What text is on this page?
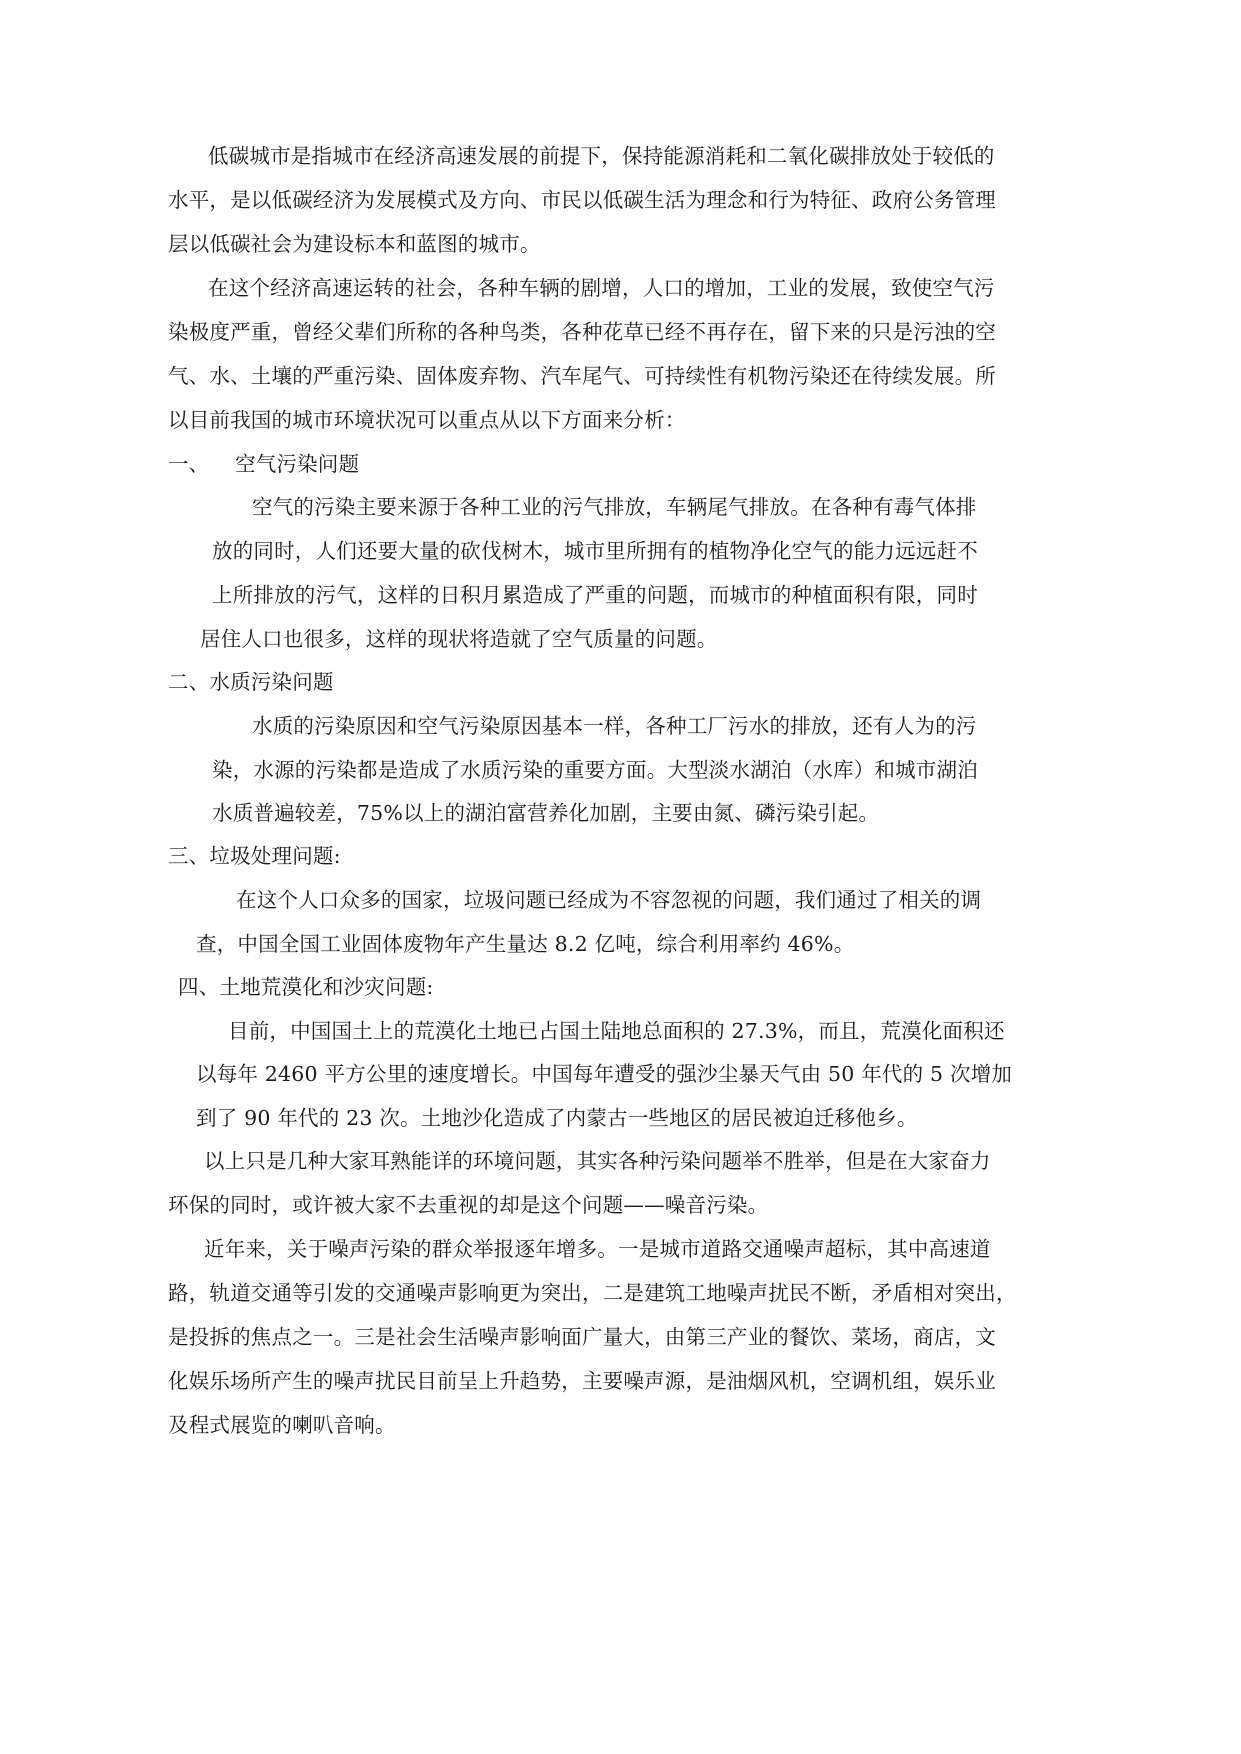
低碳城市是指城市在经济高速发展的前提下，保持能源消耗和二氧化碳排放处于较低的
水平，是以低碳经济为发展模式及方向、市民以低碳生活为理念和行为特征、政府公务管理
层以低碳社会为建设标本和蓝图的城市。
在这个经济高速运转的社会，各种车辆的剧增，人口的增加，工业的发展，致使空气污
染极度严重，曾经父辈们所称的各种鸟类，各种花草已经不再存在，留下来的只是污浊的空
气、水、土壤的严重污染、固体废弃物、汽车尾气、可持续性有机物污染还在待续发展。所
以目前我国的城市环境状况可以重点从以下方面来分析：
一、 空气污染问题
空气的污染主要来源于各种工业的污气排放，车辆尾气排放。在各种有毒气体排
放的同时，人们还要大量的砍伐树木，城市里所拥有的植物净化空气的能力远远赶不
上所排放的污气，这样的日积月累造成了严重的问题，而城市的种植面积有限，同时
居住人口也很多，这样的现状将造就了空气质量的问题。
二、水质污染问题
水质的污染原因和空气污染原因基本一样，各种工厂污水的排放，还有人为的污
染，水源的污染都是造成了水质污染的重要方面。大型淡水湖泊（水库）和城市湖泊
水质普遍较差，75%以上的湖泊富营养化加剧，主要由氮、磷污染引起。
三、垃圾处理问题:
在这个人口众多的国家，垃圾问题已经成为不容忽视的问题，我们通过了相关的调
查，中国全国工业固体废物年产生量达 8.2 亿吨，综合利用率约 46%。
四、土地荒漠化和沙灾问题:
目前，中国国土上的荒漠化土地已占国土陆地总面积的 27.3%，而且，荒漠化面积还
以每年 2460 平方公里的速度增长。中国每年遭受的强沙尘暴天气由 50 年代的 5 次增加
到了 90 年代的 23 次。土地沙化造成了内蒙古一些地区的居民被迫迁移他乡。
以上只是几种大家耳熟能详的环境问题，其实各种污染问题举不胜举，但是在大家奋力
环保的同时，或许被大家不去重视的却是这个问题——噪音污染。
近年来，关于噪声污染的群众举报逐年增多。一是城市道路交通噪声超标，其中高速道
路，轨道交通等引发的交通噪声影响更为突出，二是建筑工地噪声扰民不断，矛盾相对突出，
是投拆的焦点之一。三是社会生活噪声影响面广量大，由第三产业的餐饮、菜场，商店，文
化娱乐场所产生的噪声扰民目前呈上升趋势，主要噪声源，是油烟风机，空调机组，娱乐业
及程式展览的喇叭音响。
